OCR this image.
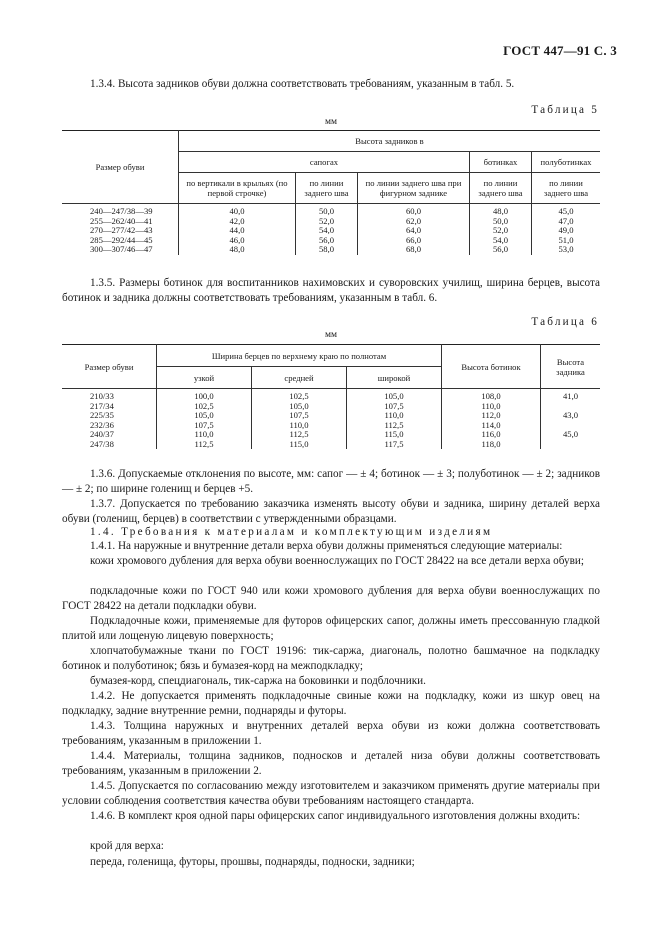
ГОСТ 447—91 С. 3

1.3.4. Высота задников обуви должна соответствовать требованиям, указанным в табл. 5.

Таблица 5
мм
Размер обуви	Высота задников в				
	сапогах			ботинках	полуботинках
	по вертикали в крыльях (по первой строчке)	по линии заднего шва	по линии заднего шва при фигурном заднике	по линии заднего шва	по линии заднего шва
240—247/38—39	40,0	50,0	60,0	48,0	45,0
255—262/40—41	42,0	52,0	62,0	50,0	47,0
270—277/42—43	44,0	54,0	64,0	52,0	49,0
285—292/44—45	46,0	56,0	66,0	54,0	51,0
300—307/46—47	48,0	58,0	68,0	56,0	53,0

1.3.5. Размеры ботинок для воспитанников нахимовских и суворовских училищ, ширина берцев, высота ботинок и задника должны соответствовать требованиям, указанным в табл. 6.

Таблица 6
мм
Размер обуви	Ширина берцев по верхнему краю по полнотам			Высота ботинок	Высота задника
	узкой	средней	широкой		
210/33	100,0	102,5	105,0	108,0	41,0
217/34	102,5	105,0	107,5	110,0	
225/35	105,0	107,5	110,0	112,0	43,0
232/36	107,5	110,0	112,5	114,0	
240/37	110,0	112,5	115,0	116,0	45,0
247/38	112,5	115,0	117,5	118,0	

1.3.6. Допускаемые отклонения по высоте, мм: сапог — ± 4; ботинок — ± 3; полуботинок — ± 2; задников — ± 2; по ширине голенищ и берцев +5.

1.3.7. Допускается по требованию заказчика изменять высоту обуви и задника, ширину деталей верха обуви (голенищ, берцев) в соответствии с утвержденными образцами.

1.4. Требования к материалам и комплектующим изделиям

1.4.1. На наружные и внутренние детали верха обуви должны применяться следующие материалы:

кожи хромового дубления для верха обуви военнослужащих по ГОСТ 28422 на все детали верха обуви;

подкладочные кожи по ГОСТ 940 или кожи хромового дубления для верха обуви военнослужащих по ГОСТ 28422 на детали подкладки обуви.

Подкладочные кожи, применяемые для футоров офицерских сапог, должны иметь прессованную гладкой плитой или лощеную лицевую поверхность;

хлопчатобумажные ткани по ГОСТ 19196: тик-саржа, диагональ, полотно башмачное на подкладку ботинок и полуботинок; бязь и бумазея-корд на межподкладку;

бумазея-корд, спецдиагональ, тик-саржа на боковинки и подблочники.

1.4.2. Не допускается применять подкладочные свиные кожи на подкладку, кожи из шкур овец на подкладку, задние внутренние ремни, поднаряды и футоры.

1.4.3. Толщина наружных и внутренних деталей верха обуви из кожи должна соответствовать требованиям, указанным в приложении 1.

1.4.4. Материалы, толщина задников, подносков и деталей низа обуви должны соответствовать требованиям, указанным в приложении 2.

1.4.5. Допускается по согласованию между изготовителем и заказчиком применять другие материалы при условии соблюдения соответствия качества обуви требованиям настоящего стандарта.

1.4.6. В комплект кроя одной пары офицерских сапог индивидуального изготовления должны входить:

крой для верха:

переда, голенища, футоры, прошвы, поднаряды, подноски, задники;
